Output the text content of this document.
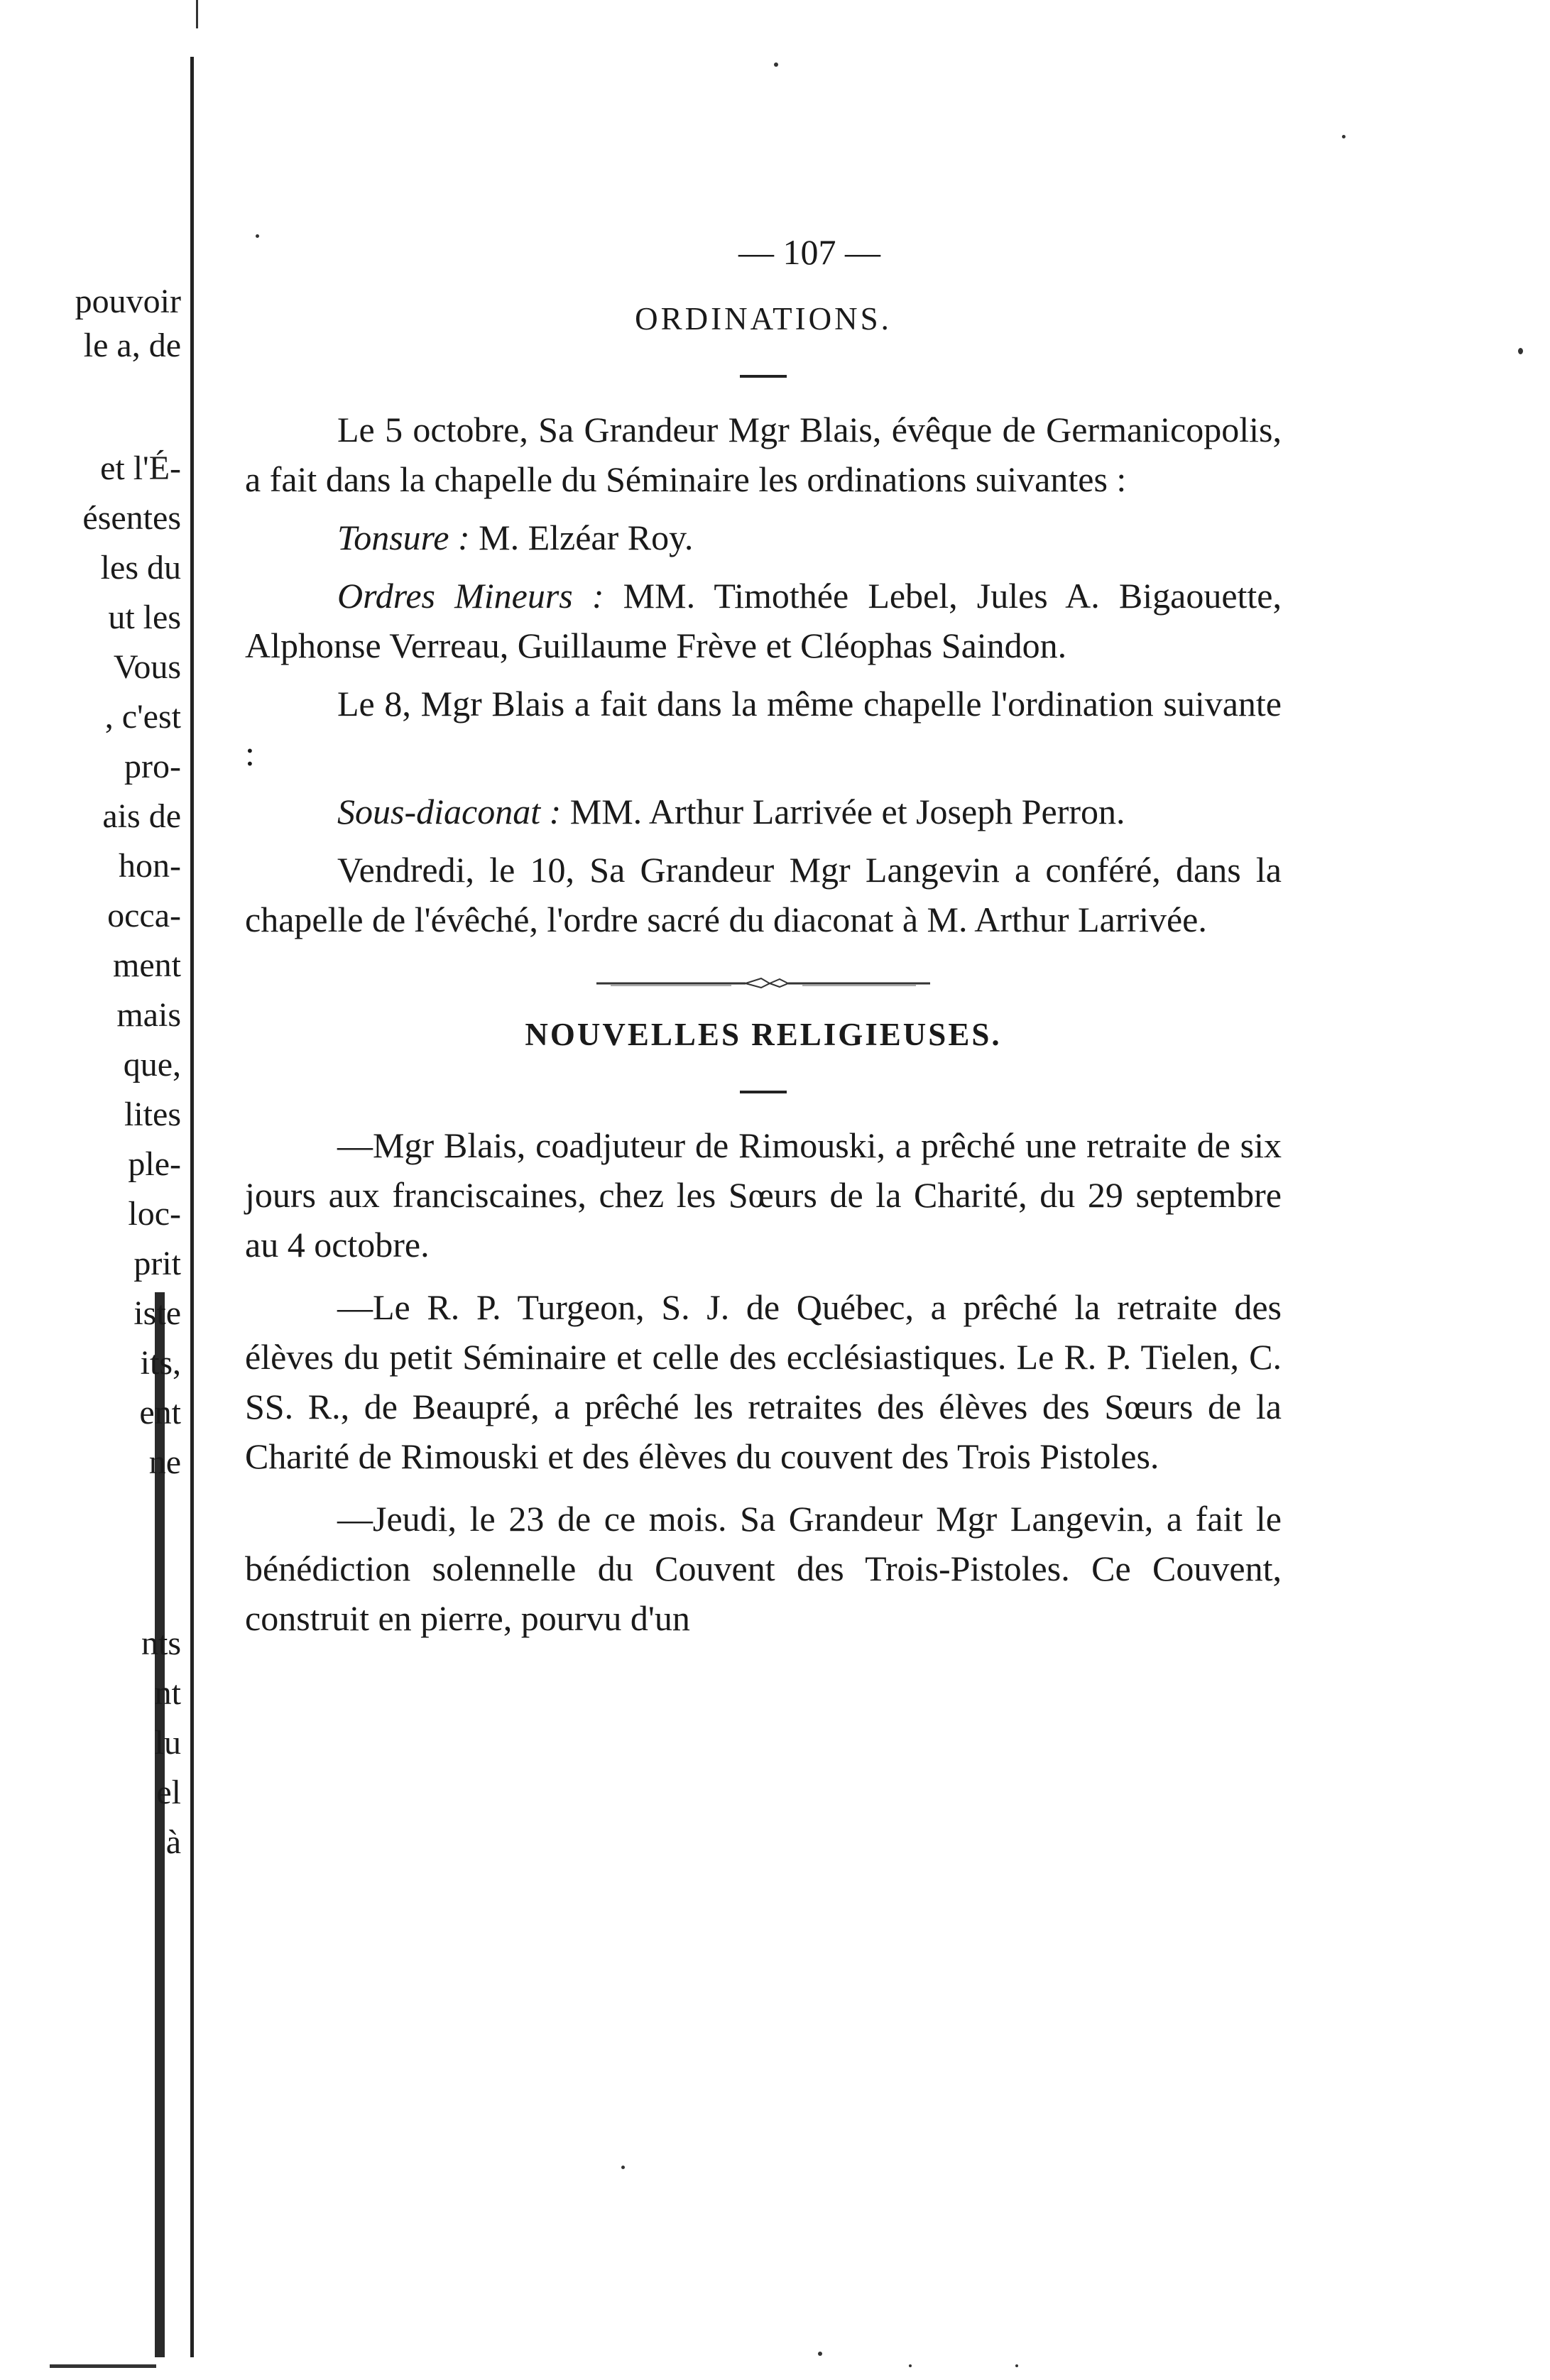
pouvoir
le a, de
et l'É-
ésentes
les du
ut les
Vous
, c'est
pro-
ais de
hon-
occa-
ment
mais
que,
lites
ple-
loc-
prit
iste
its,
ent
ne
nts
nt
lu
el
à
— 107 —
ORDINATIONS.

Le 5 octobre, Sa Grandeur Mgr Blais, évêque de Germanicopolis, a fait dans la chapelle du Séminaire les ordinations suivantes :

Tonsure : M. Elzéar Roy.

Ordres Mineurs : MM. Timothée Lebel, Jules A. Bigaouette, Alphonse Verreau, Guillaume Frève et Cléophas Saindon.

Le 8, Mgr Blais a fait dans la même chapelle l'ordination suivante :

Sous-diaconat : MM. Arthur Larrivée et Joseph Perron.

Vendredi, le 10, Sa Grandeur Mgr Langevin a conféré, dans la chapelle de l'évêché, l'ordre sacré du diaconat à M. Arthur Larrivée.

NOUVELLES RELIGIEUSES.

—Mgr Blais, coadjuteur de Rimouski, a prêché une retraite de six jours aux franciscaines, chez les Sœurs de la Charité, du 29 septembre au 4 octobre.

—Le R. P. Turgeon, S. J. de Québec, a prêché la retraite des élèves du petit Séminaire et celle des ecclésiastiques. Le R. P. Tielen, C. SS. R., de Beaupré, a prêché les retraites des élèves des Sœurs de la Charité de Rimouski et des élèves du couvent des Trois Pistoles.

—Jeudi, le 23 de ce mois. Sa Grandeur Mgr Langevin, a fait le bénédiction solennelle du Couvent des Trois-Pistoles. Ce Couvent, construit en pierre, pourvu d'un
